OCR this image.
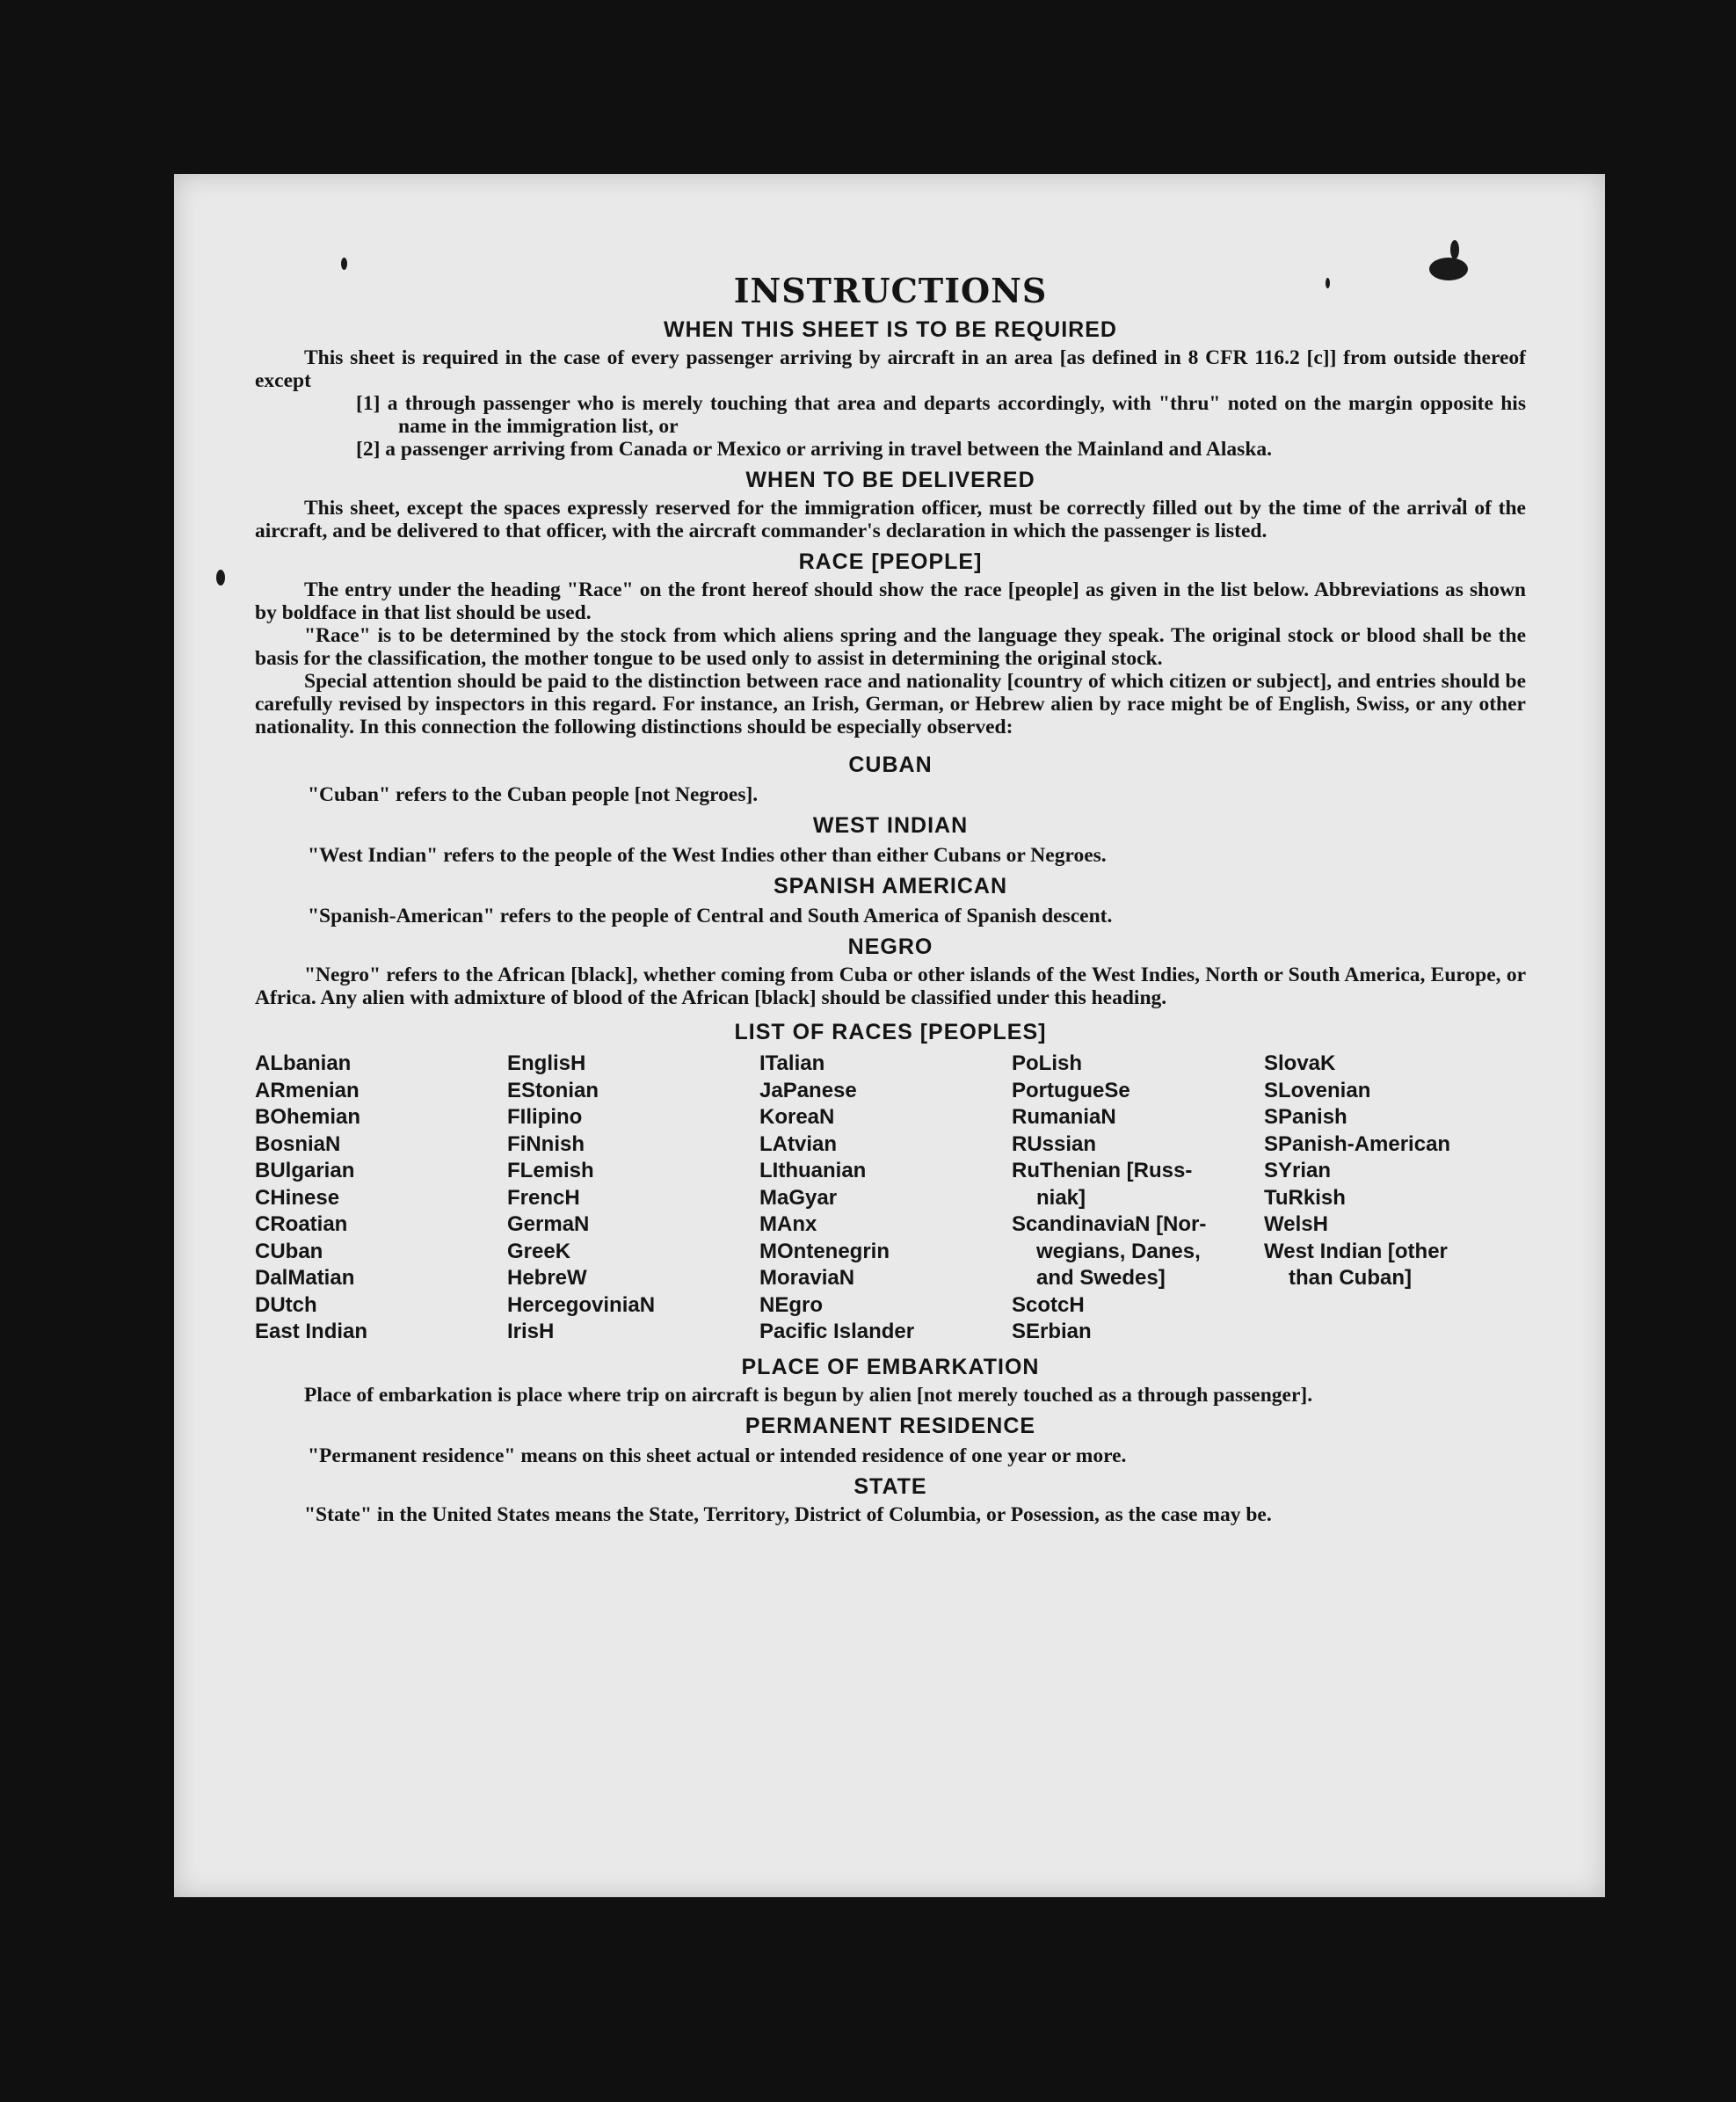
INSTRUCTIONS
WHEN THIS SHEET IS TO BE REQUIRED

This sheet is required in the case of every passenger arriving by aircraft in an area [as defined in 8 CFR 116.2 [c]] from outside thereof except

[1] a through passenger who is merely touching that area and departs accordingly, with "thru" noted on the margin opposite his name in the immigration list, or

[2] a passenger arriving from Canada or Mexico or arriving in travel between the Mainland and Alaska.

WHEN TO BE DELIVERED

This sheet, except the spaces expressly reserved for the immigration officer, must be correctly filled out by the time of the arrival of the aircraft, and be delivered to that officer, with the aircraft commander's declaration in which the passenger is listed.

RACE [PEOPLE]

The entry under the heading "Race" on the front hereof should show the race [people] as given in the list below. Abbreviations as shown by boldface in that list should be used.

"Race" is to be determined by the stock from which aliens spring and the language they speak. The original stock or blood shall be the basis for the classification, the mother tongue to be used only to assist in determining the original stock.

Special attention should be paid to the distinction between race and nationality [country of which citizen or subject], and entries should be carefully revised by inspectors in this regard. For instance, an Irish, German, or Hebrew alien by race might be of English, Swiss, or any other nationality. In this connection the following distinctions should be especially observed:

CUBAN

"Cuban" refers to the Cuban people [not Negroes].

WEST INDIAN

"West Indian" refers to the people of the West Indies other than either Cubans or Negroes.

SPANISH AMERICAN

"Spanish-American" refers to the people of Central and South America of Spanish descent.

NEGRO

"Negro" refers to the African [black], whether coming from Cuba or other islands of the West Indies, North or South America, Europe, or Africa. Any alien with admixture of blood of the African [black] should be classified under this heading.

LIST OF RACES [PEOPLES]
ALbanian
ARmenian
BOhemian
BosniaN
BUlgarian
CHinese
CRoatian
CUban
DalMatian
DUtch
East Indian
EnglisH
EStonian
FIlipino
FiNnish
FLemish
FrencH
GermaN
GreeK
HebreW
HercegovinіaN
IrisH
ITalian
JaPanese
KoreaN
LAtvian
LIthuanian
MaGyar
MAnx
MOntenegrin
MoraviaN
NEgro
Pacific Islander
PoLish
PortugueSe
RumaniaN
RUssian
RuThenian [Russ-
niak]
ScandinaviaN [Nor-
wegians, Danes,
and Swedes]
ScotcH
SErbian
SlovaK
SLovenian
SPanish
SPanish-American
SYrian
TuRkish
WelsH
West Indian [other
than Cuban]
PLACE OF EMBARKATION

Place of embarkation is place where trip on aircraft is begun by alien [not merely touched as a through passenger].

PERMANENT RESIDENCE

"Permanent residence" means on this sheet actual or intended residence of one year or more.

STATE

"State" in the United States means the State, Territory, District of Columbia, or Posession, as the case may be.
